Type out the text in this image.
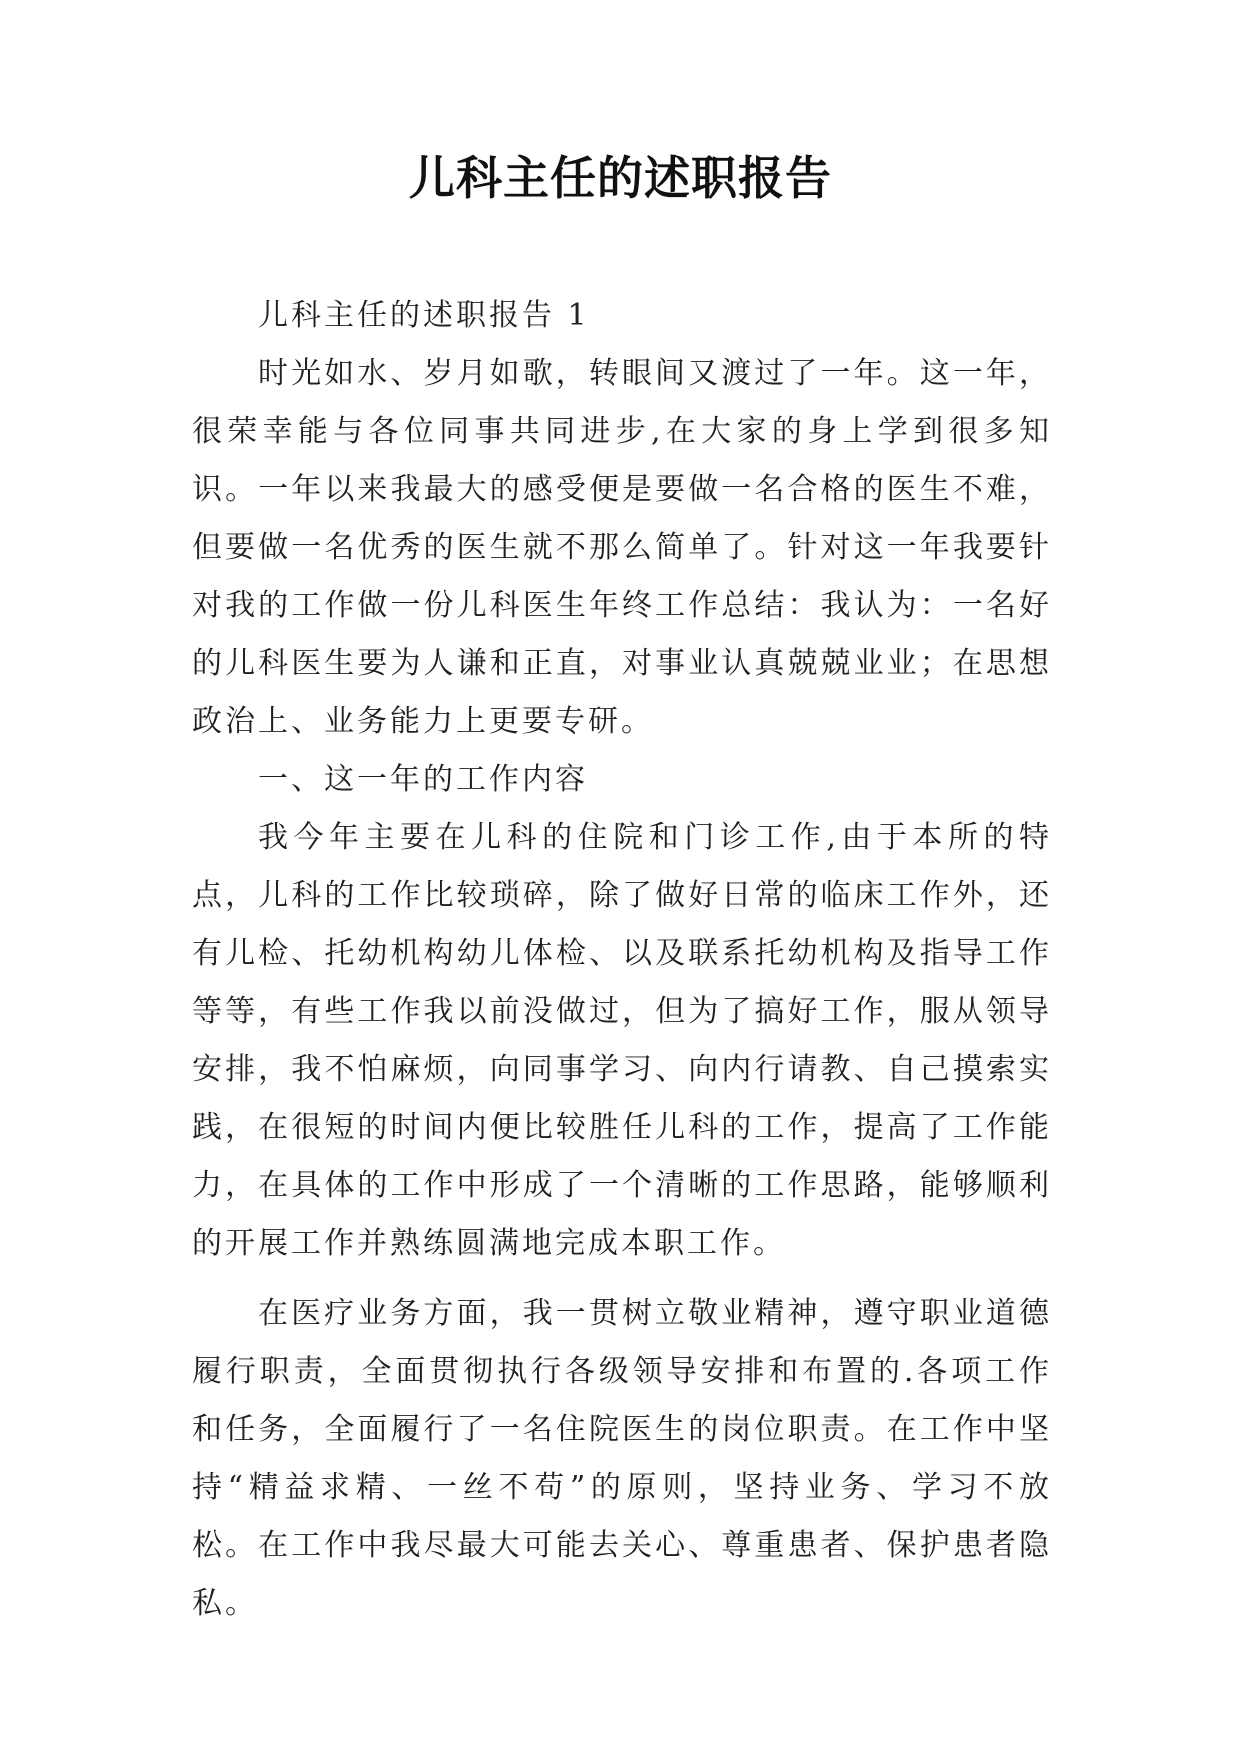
儿科主任的述职报告

儿科主任的述职报告 1

时光如水、岁月如歌，转眼间又渡过了一年。这一年，很荣幸能与各位同事共同进步,在大家的身上学到很多知识。一年以来我最大的感受便是要做一名合格的医生不难，但要做一名优秀的医生就不那么简单了。针对这一年我要针对我的工作做一份儿科医生年终工作总结：我认为：一名好的儿科医生要为人谦和正直，对事业认真兢兢业业；在思想政治上、业务能力上更要专研。

一、这一年的工作内容

我今年主要在儿科的住院和门诊工作,由于本所的特点，儿科的工作比较琐碎，除了做好日常的临床工作外，还有儿检、托幼机构幼儿体检、以及联系托幼机构及指导工作等等，有些工作我以前没做过，但为了搞好工作，服从领导安排，我不怕麻烦，向同事学习、向内行请教、自己摸索实践，在很短的时间内便比较胜任儿科的工作，提高了工作能力，在具体的工作中形成了一个清晰的工作思路，能够顺利的开展工作并熟练圆满地完成本职工作。

在医疗业务方面，我一贯树立敬业精神，遵守职业道德履行职责，全面贯彻执行各级领导安排和布置的.各项工作和任务，全面履行了一名住院医生的岗位职责。在工作中坚持“精益求精、一丝不苟”的原则，坚持业务、学习不放松。在工作中我尽最大可能去关心、尊重患者、保护患者隐私。
